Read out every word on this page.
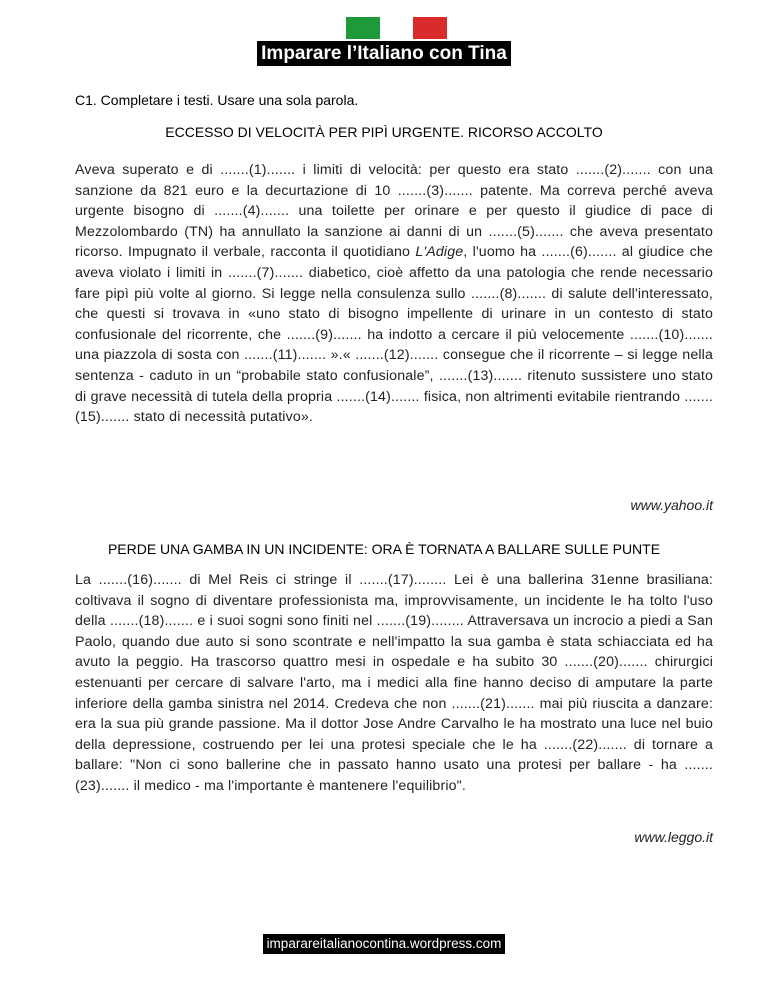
Imparare l’Italiano con Tina
C1. Completare i testi. Usare una sola parola.
ECCESSO DI VELOCITÀ PER PIPÌ URGENTE. RICORSO ACCOLTO

Aveva superato e di .......(1)....... i limiti di velocità: per questo era stato .......(2)....... con una sanzione da 821 euro e la decurtazione di 10 .......(3)....... patente. Ma correva perché aveva urgente bisogno di .......(4)....... una toilette per orinare e per questo il giudice di pace di Mezzolombardo (TN) ha annullato la sanzione ai danni di un .......(5)....... che aveva presentato ricorso. Impugnato il verbale, racconta il quotidiano L'Adige, l'uomo ha .......(6)....... al giudice che aveva violato i limiti in .......(7)....... diabetico, cioè affetto da una patologia che rende necessario fare pipì più volte al giorno. Si legge nella consulenza sullo .......(8)....... di salute dell'interessato, che questi si trovava in «uno stato di bisogno impellente di urinare in un contesto di stato confusionale del ricorrente, che .......(9)....... ha indotto a cercare il più velocemente .......(10)....... una piazzola di sosta con .......(11)....... ».« .......(12)....... consegue che il ricorrente – si legge nella sentenza - caduto in un “probabile stato confusionale”, .......(13)....... ritenuto sussistere uno stato di grave necessità di tutela della propria .......(14)....... fisica, non altrimenti evitabile rientrando .......(15)....... stato di necessità putativo».

www.yahoo.it
PERDE UNA GAMBA IN UN INCIDENTE: ORA È TORNATA A BALLARE SULLE PUNTE

La .......(16)....... di Mel Reis ci stringe il .......(17)........ Lei è una ballerina 31enne brasiliana: coltivava il sogno di diventare professionista ma, improvvisamente, un incidente le ha tolto l'uso della .......(18)....... e i suoi sogni sono finiti nel .......(19)........ Attraversava un incrocio a piedi a San Paolo, quando due auto si sono scontrate e nell'impatto la sua gamba è stata schiacciata ed ha avuto la peggio. Ha trascorso quattro mesi in ospedale e ha subito 30 .......(20)....... chirurgici estenuanti per cercare di salvare l'arto, ma i medici alla fine hanno deciso di amputare la parte inferiore della gamba sinistra nel 2014. Credeva che non .......(21)....... mai più riuscita a danzare: era la sua più grande passione. Ma il dottor Jose Andre Carvalho le ha mostrato una luce nel buio della depressione, costruendo per lei una protesi speciale che le ha .......(22)....... di tornare a ballare: "Non ci sono ballerine che in passato hanno usato una protesi per ballare - ha .......(23)....... il medico - ma l'importante è mantenere l'equilibrio".

www.leggo.it
imparareitalianocontina.wordpress.com
